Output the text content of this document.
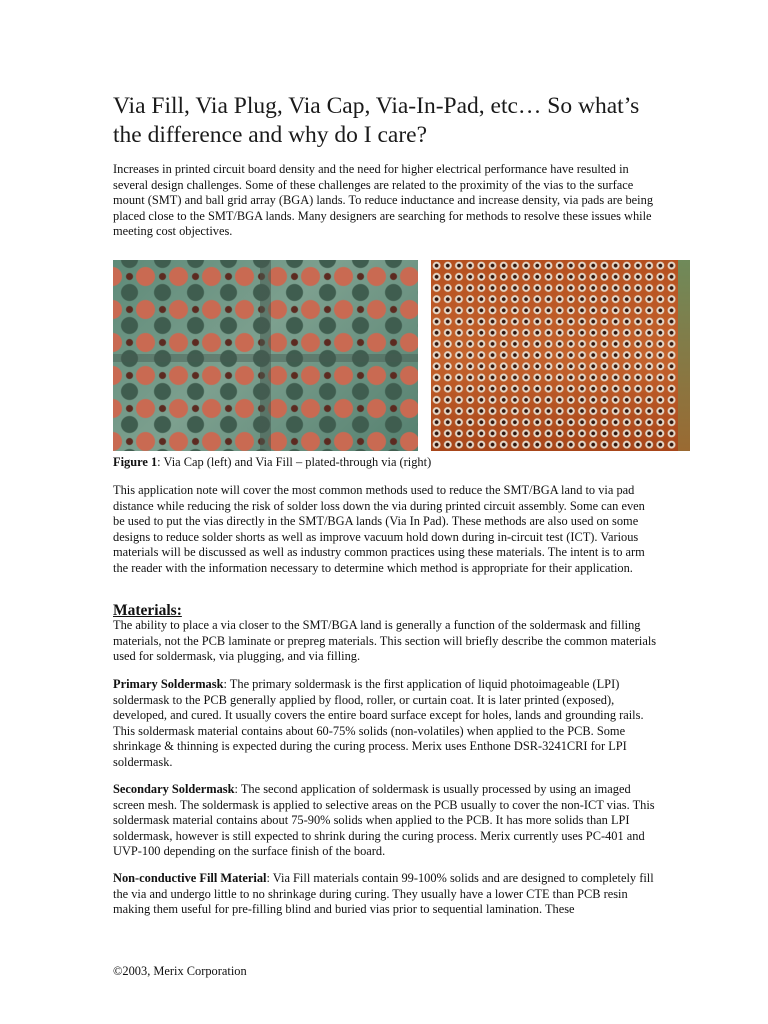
Via Fill, Via Plug, Via Cap, Via-In-Pad, etc… So what’s the difference and why do I care?
Increases in printed circuit board density and the need for higher electrical performance have resulted in several design challenges. Some of these challenges are related to the proximity of the vias to the surface mount (SMT) and ball grid array (BGA) lands. To reduce inductance and increase density, via pads are being placed close to the SMT/BGA lands. Many designers are searching for methods to resolve these issues while meeting cost objectives.
Figure 1: Via Cap (left) and Via Fill – plated-through via (right)
This application note will cover the most common methods used to reduce the SMT/BGA land to via pad distance while reducing the risk of solder loss down the via during printed circuit assembly. Some can even be used to put the vias directly in the SMT/BGA lands (Via In Pad). These methods are also used on some designs to reduce solder shorts as well as improve vacuum hold down during in-circuit test (ICT). Various materials will be discussed as well as industry common practices using these materials. The intent is to arm the reader with the information necessary to determine which method is appropriate for their application.
Materials:
The ability to place a via closer to the SMT/BGA land is generally a function of the soldermask and filling materials, not the PCB laminate or prepreg materials. This section will briefly describe the common materials used for soldermask, via plugging, and via filling.
Primary Soldermask: The primary soldermask is the first application of liquid photoimageable (LPI) soldermask to the PCB generally applied by flood, roller, or curtain coat. It is later printed (exposed), developed, and cured. It usually covers the entire board surface except for holes, lands and grounding rails. This soldermask material contains about 60-75% solids (non-volatiles) when applied to the PCB. Some shrinkage & thinning is expected during the curing process. Merix uses Enthone DSR-3241CRI for LPI soldermask.
Secondary Soldermask: The second application of soldermask is usually processed by using an imaged screen mesh. The soldermask is applied to selective areas on the PCB usually to cover the non-ICT vias. This soldermask material contains about 75-90% solids when applied to the PCB. It has more solids than LPI soldermask, however is still expected to shrink during the curing process. Merix currently uses PC-401 and UVP-100 depending on the surface finish of the board.
Non-conductive Fill Material: Via Fill materials contain 99-100% solids and are designed to completely fill the via and undergo little to no shrinkage during curing. They usually have a lower CTE than PCB resin making them useful for pre-filling blind and buried vias prior to sequential lamination. These
©2003, Merix Corporation
